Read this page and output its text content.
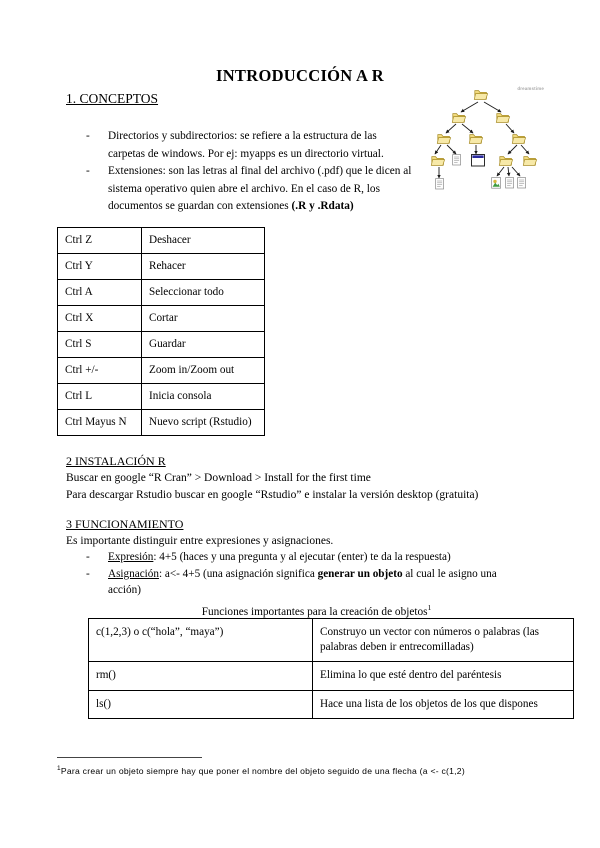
INTRODUCCIÓN A R
1. CONCEPTOS
-	Directorios y subdirectorios: se refiere a la estructura de las carpetas de windows. Por ej: myapps es un directorio virtual.
-	Extensiones: son las letras al final del archivo (.pdf) que le dicen al sistema operativo quien abre el archivo. En el caso de R, los documentos se guardan con extensiones (.R y .Rdata)
dreamstime
Ctrl Z	Deshacer
Ctrl Y	Rehacer
Ctrl A	Seleccionar todo
Ctrl X	Cortar
Ctrl S	Guardar
Ctrl +/-	Zoom in/Zoom out
Ctrl L	Inicia consola
Ctrl Mayus N	Nuevo script (Rstudio)
2 INSTALACIÓN R
Buscar en google “R Cran” > Download > Install for the first time
Para descargar Rstudio buscar en google “Rstudio” e instalar la versión desktop (gratuita)
3 FUNCIONAMIENTO
Es importante distinguir entre expresiones y asignaciones.
-	Expresión: 4+5 (haces y una pregunta y al ejecutar (enter) te da la respuesta)
-	Asignación: a<- 4+5 (una asignación significa generar un objeto al cual le asigno una acción)
Funciones importantes para la creación de objetos$^1$
c(1,2,3) o c(“hola”, “maya”)	Construyo un vector con números o palabras (las palabras deben ir entrecomilladas)
rm()	Elimina lo que esté dentro del paréntesis
ls()	Hace una lista de los objetos de los que dispones
$^1$Para crear un objeto siempre hay que poner el nombre del objeto seguido de una flecha (a <- c(1,2)
